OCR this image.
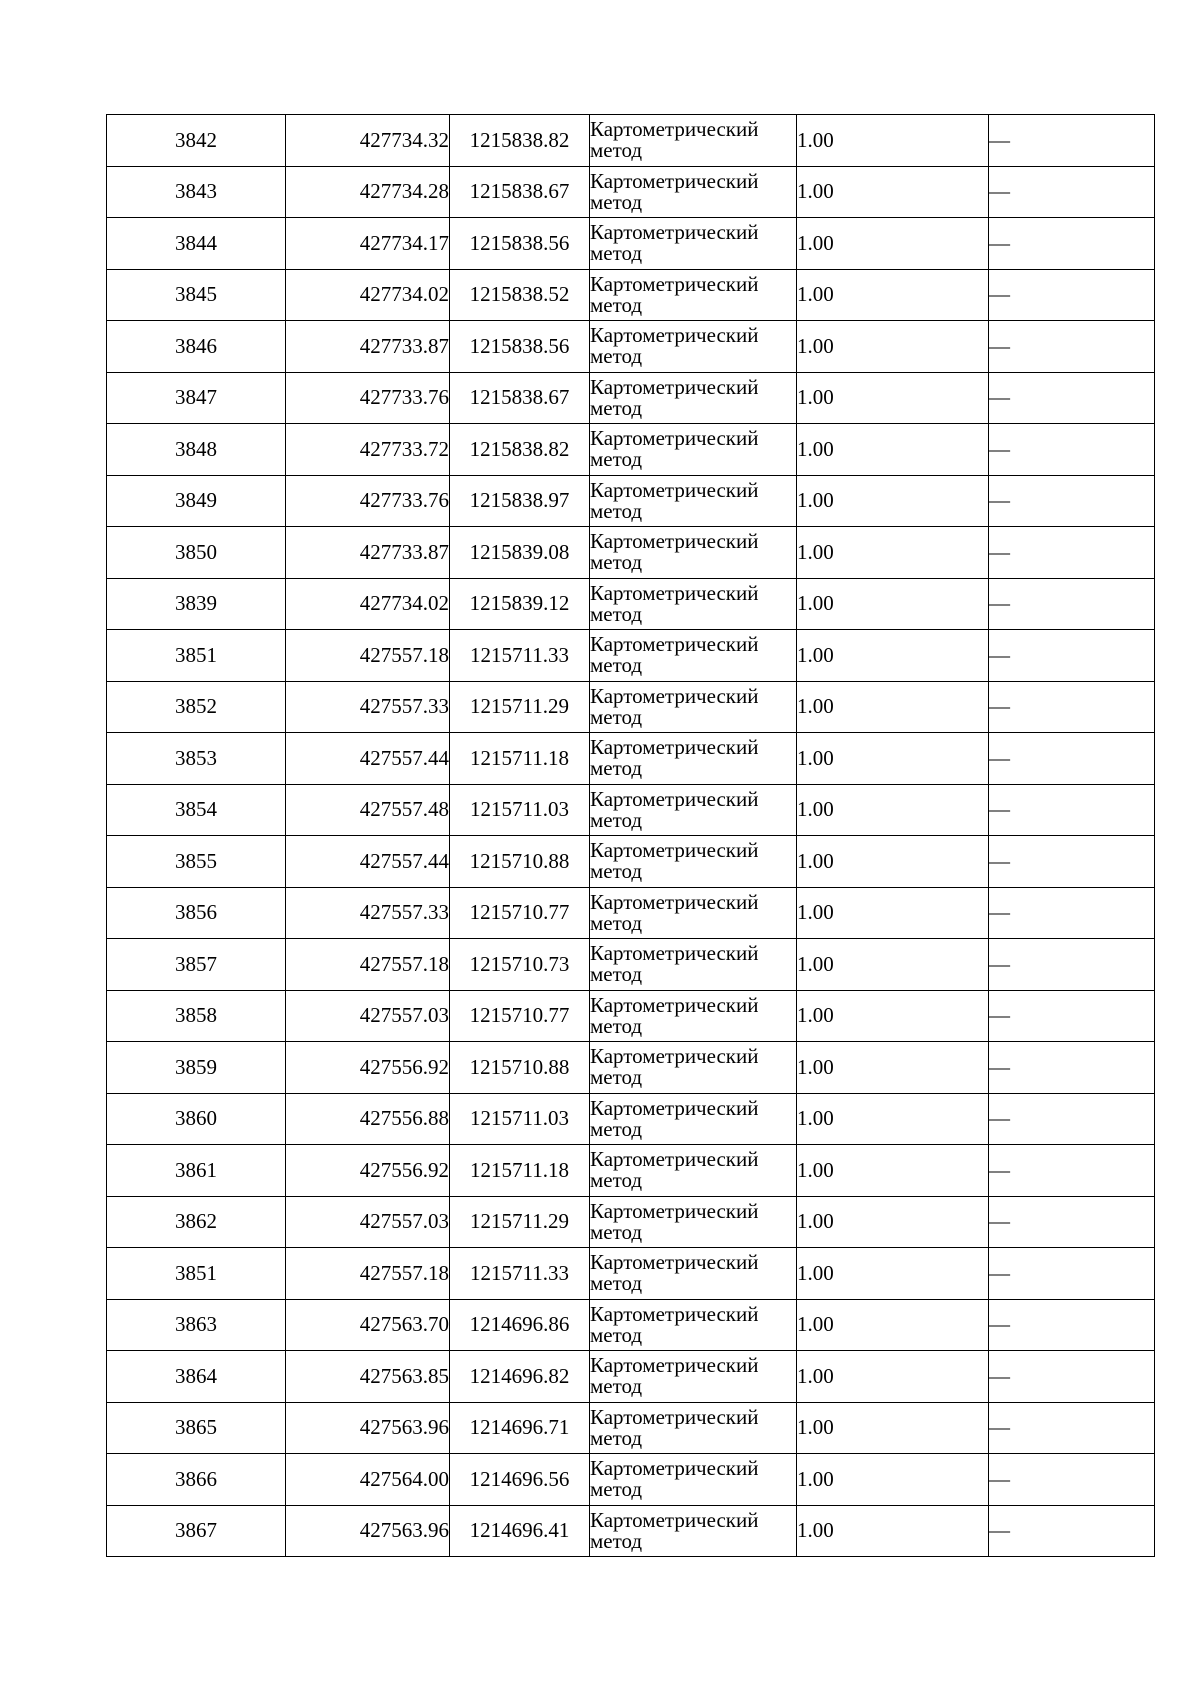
3842	427734.32	1215838.82	Картометрический
метод	1.00	—
3843	427734.28	1215838.67	Картометрический
метод	1.00	—
3844	427734.17	1215838.56	Картометрический
метод	1.00	—
3845	427734.02	1215838.52	Картометрический
метод	1.00	—
3846	427733.87	1215838.56	Картометрический
метод	1.00	—
3847	427733.76	1215838.67	Картометрический
метод	1.00	—
3848	427733.72	1215838.82	Картометрический
метод	1.00	—
3849	427733.76	1215838.97	Картометрический
метод	1.00	—
3850	427733.87	1215839.08	Картометрический
метод	1.00	—
3839	427734.02	1215839.12	Картометрический
метод	1.00	—
3851	427557.18	1215711.33	Картометрический
метод	1.00	—
3852	427557.33	1215711.29	Картометрический
метод	1.00	—
3853	427557.44	1215711.18	Картометрический
метод	1.00	—
3854	427557.48	1215711.03	Картометрический
метод	1.00	—
3855	427557.44	1215710.88	Картометрический
метод	1.00	—
3856	427557.33	1215710.77	Картометрический
метод	1.00	—
3857	427557.18	1215710.73	Картометрический
метод	1.00	—
3858	427557.03	1215710.77	Картометрический
метод	1.00	—
3859	427556.92	1215710.88	Картометрический
метод	1.00	—
3860	427556.88	1215711.03	Картометрический
метод	1.00	—
3861	427556.92	1215711.18	Картометрический
метод	1.00	—
3862	427557.03	1215711.29	Картометрический
метод	1.00	—
3851	427557.18	1215711.33	Картометрический
метод	1.00	—
3863	427563.70	1214696.86	Картометрический
метод	1.00	—
3864	427563.85	1214696.82	Картометрический
метод	1.00	—
3865	427563.96	1214696.71	Картометрический
метод	1.00	—
3866	427564.00	1214696.56	Картометрический
метод	1.00	—
3867	427563.96	1214696.41	Картометрический
метод	1.00	—
